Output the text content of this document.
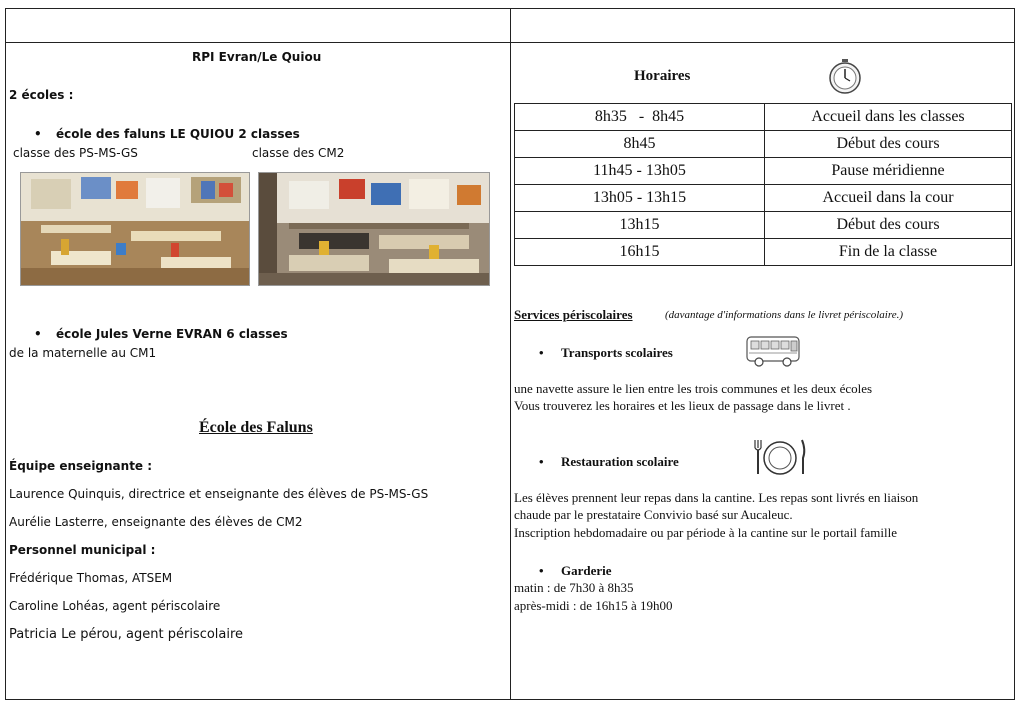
RPI Evran/Le Quiou
2 écoles :
• école des faluns LE QUIOU 2 classes
classe des PS-MS-GS	classe des CM2
• école Jules Verne EVRAN 6 classes
de la maternelle au CM1
École des Faluns
Équipe enseignante :
Laurence Quinquis, directrice et enseignante des élèves de PS-MS-GS
Aurélie Lasterre, enseignante des élèves de CM2
Personnel municipal :
Frédérique Thomas, ATSEM
Caroline Lohéas, agent périscolaire
Patricia Le pérou, agent périscolaire
Horaires
8h35   -  8h45	Accueil dans les classes
8h45	Début des cours
11h45 - 13h05	Pause méridienne
13h05 - 13h15	Accueil dans la cour
13h15	Début des cours
16h15	Fin de la classe
Services périscolaires	(davantage d'informations dans le livret périscolaire.)
• Transports scolaires
une navette assure le lien entre les trois communes et les deux écoles
Vous trouverez les horaires et les lieux de passage dans le livret .
• Restauration scolaire
Les élèves prennent leur repas dans la cantine. Les repas sont livrés en liaison
chaude par le prestataire Convivio basé sur Aucaleuc.
Inscription hebdomadaire ou par période à la cantine sur le portail famille
• Garderie
matin : de 7h30 à 8h35
après-midi : de 16h15 à 19h00
